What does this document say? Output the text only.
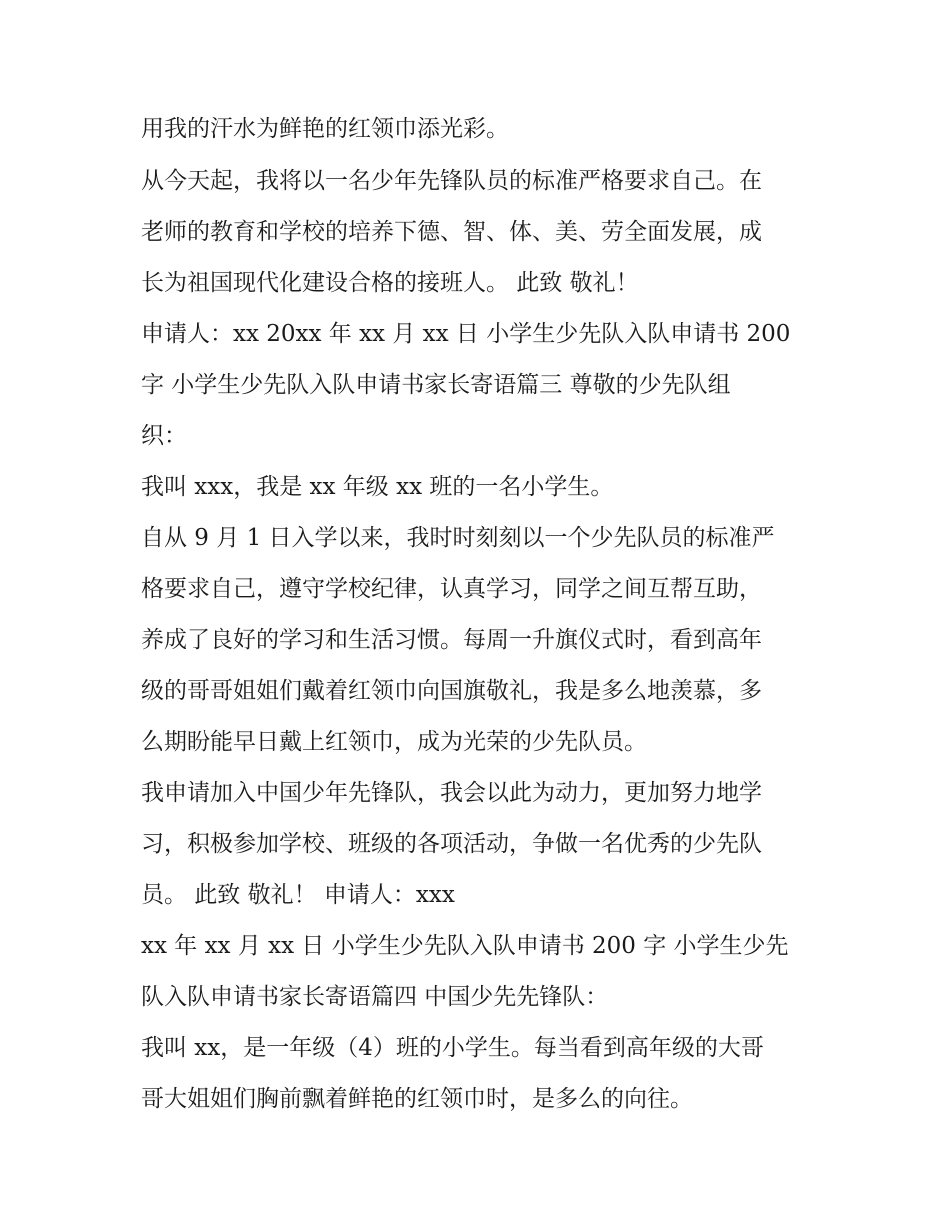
用我的汗水为鲜艳的红领巾添光彩。
从今天起，我将以一名少年先锋队员的标准严格要求自己。在
老师的教育和学校的培养下德、智、体、美、劳全面发展，成
长为祖国现代化建设合格的接班人。 此致 敬礼！
申请人：xx 20xx 年 xx 月 xx 日 小学生少先队入队申请书 200
字 小学生少先队入队申请书家长寄语篇三 尊敬的少先队组
织：
我叫 xxx，我是 xx 年级 xx 班的一名小学生。
自从 9 月 1 日入学以来，我时时刻刻以一个少先队员的标准严
格要求自己，遵守学校纪律，认真学习，同学之间互帮互助，
养成了良好的学习和生活习惯。每周一升旗仪式时，看到高年
级的哥哥姐姐们戴着红领巾向国旗敬礼，我是多么地羡慕，多
么期盼能早日戴上红领巾，成为光荣的少先队员。
我申请加入中国少年先锋队，我会以此为动力，更加努力地学
习，积极参加学校、班级的各项活动，争做一名优秀的少先队
员。 此致 敬礼！ 申请人：xxx
xx 年 xx 月 xx 日 小学生少先队入队申请书 200 字 小学生少先
队入队申请书家长寄语篇四 中国少先先锋队：
我叫 xx，是一年级（4）班的小学生。每当看到高年级的大哥
哥大姐姐们胸前飘着鲜艳的红领巾时，是多么的向往。
